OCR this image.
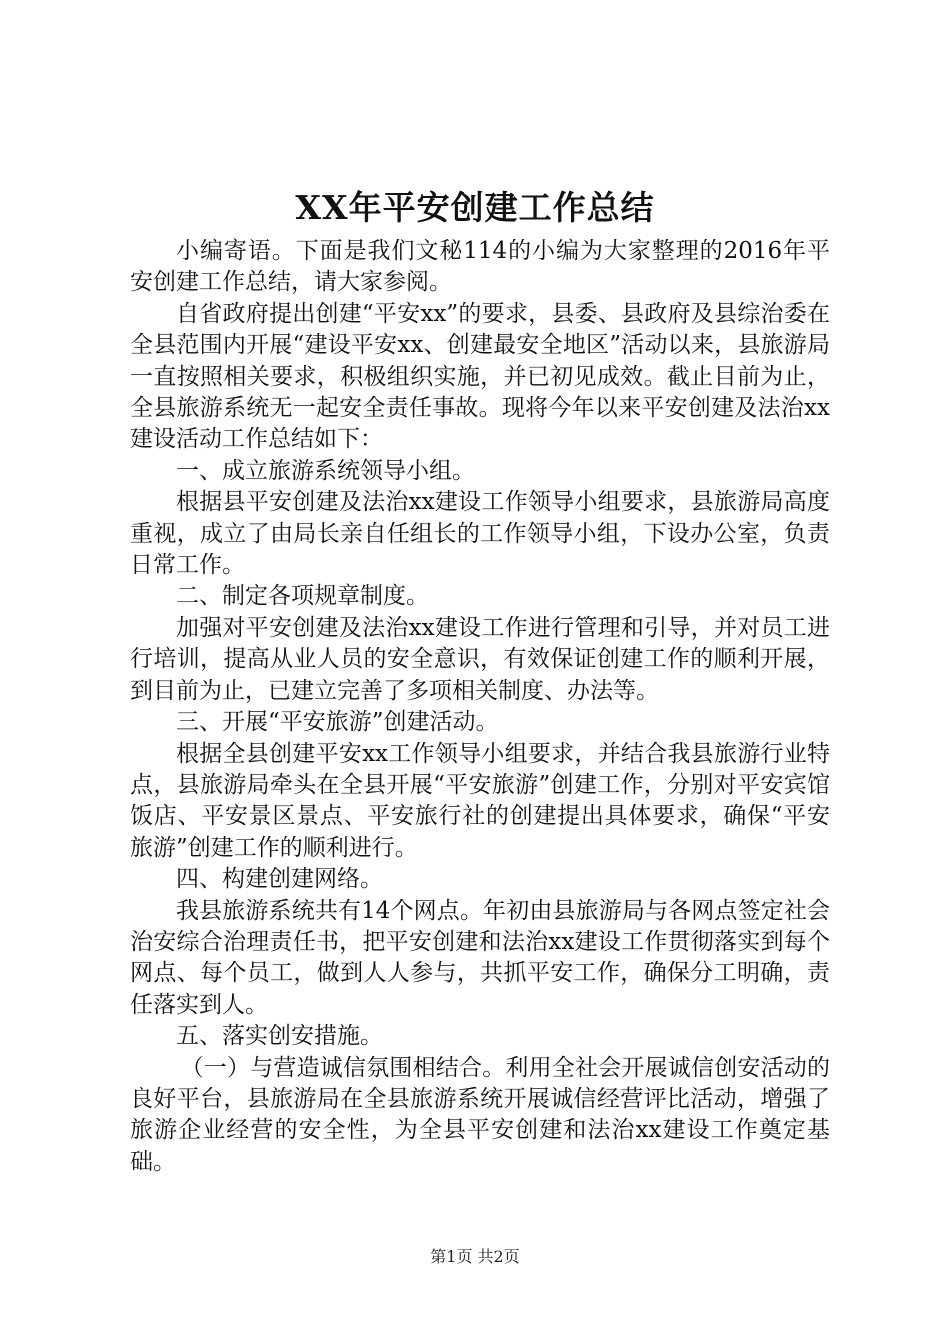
XX年平安创建工作总结

小编寄语。下面是我们文秘114的小编为大家整理的2016年平安创建工作总结，请大家参阅。

自省政府提出创建“平安xx”的要求，县委、县政府及县综治委在全县范围内开展“建设平安xx、创建最安全地区”活动以来，县旅游局一直按照相关要求，积极组织实施，并已初见成效。截止目前为止，全县旅游系统无一起安全责任事故。现将今年以来平安创建及法治xx建设活动工作总结如下：

一、成立旅游系统领导小组。

根据县平安创建及法治xx建设工作领导小组要求，县旅游局高度重视，成立了由局长亲自任组长的工作领导小组，下设办公室，负责日常工作。

二、制定各项规章制度。

加强对平安创建及法治xx建设工作进行管理和引导，并对员工进行培训，提高从业人员的安全意识，有效保证创建工作的顺利开展，到目前为止，已建立完善了多项相关制度、办法等。

三、开展“平安旅游”创建活动。

根据全县创建平安xx工作领导小组要求，并结合我县旅游行业特点，县旅游局牵头在全县开展“平安旅游”创建工作，分别对平安宾馆饭店、平安景区景点、平安旅行社的创建提出具体要求，确保“平安旅游”创建工作的顺利进行。

四、构建创建网络。

我县旅游系统共有14个网点。年初由县旅游局与各网点签定社会治安综合治理责任书，把平安创建和法治xx建设工作贯彻落实到每个网点、每个员工，做到人人参与，共抓平安工作，确保分工明确，责任落实到人。

五、落实创安措施。

（一）与营造诚信氛围相结合。利用全社会开展诚信创安活动的良好平台，县旅游局在全县旅游系统开展诚信经营评比活动，增强了旅游企业经营的安全性，为全县平安创建和法治xx建设工作奠定基础。

第1页 共2页
